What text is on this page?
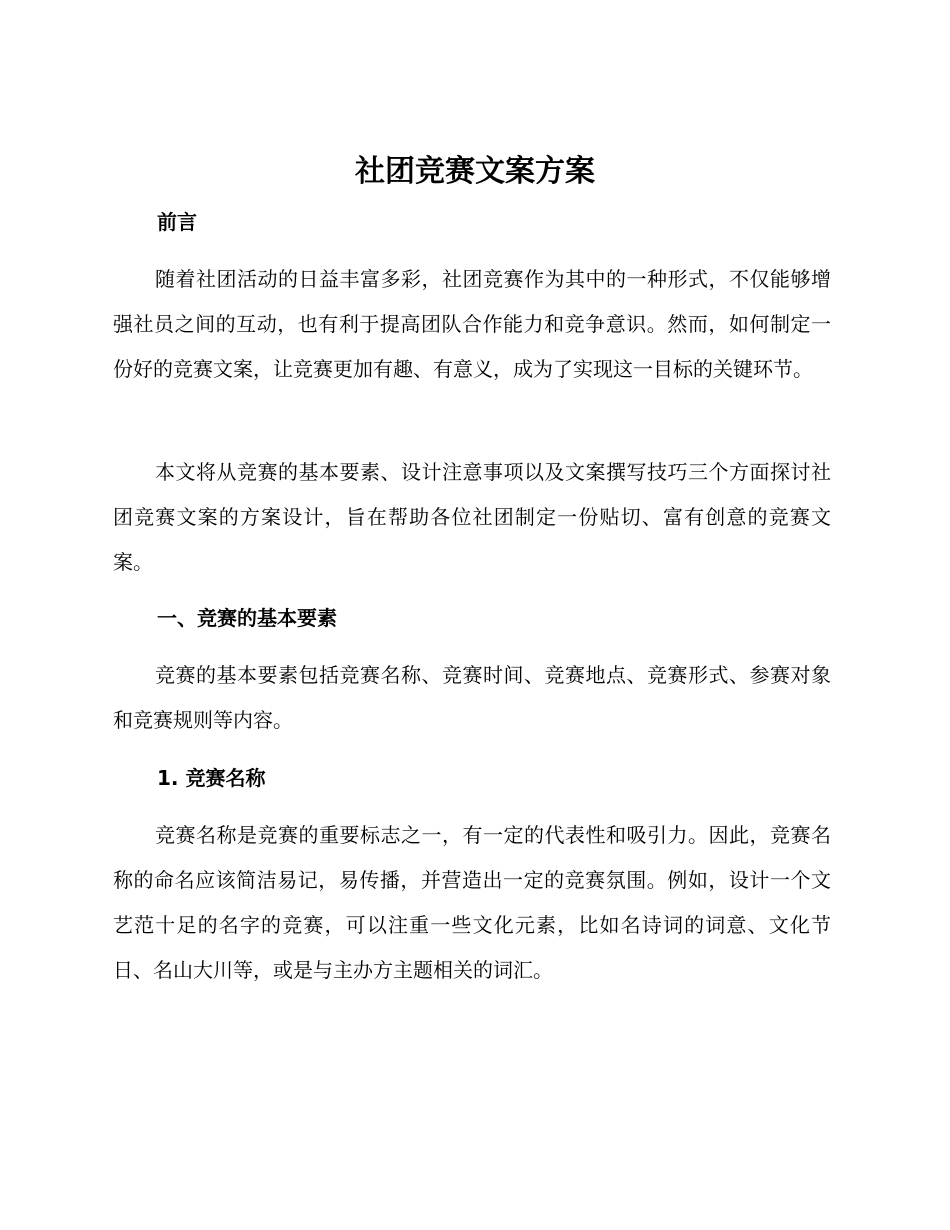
社团竞赛文案方案
前言

随着社团活动的日益丰富多彩，社团竞赛作为其中的一种形式，不仅能够增强社员之间的互动，也有利于提高团队合作能力和竞争意识。然而，如何制定一份好的竞赛文案，让竞赛更加有趣、有意义，成为了实现这一目标的关键环节。

本文将从竞赛的基本要素、设计注意事项以及文案撰写技巧三个方面探讨社团竞赛文案的方案设计，旨在帮助各位社团制定一份贴切、富有创意的竞赛文案。

一、竞赛的基本要素

竞赛的基本要素包括竞赛名称、竞赛时间、竞赛地点、竞赛形式、参赛对象和竞赛规则等内容。

1. 竞赛名称

竞赛名称是竞赛的重要标志之一，有一定的代表性和吸引力。因此，竞赛名称的命名应该简洁易记，易传播，并营造出一定的竞赛氛围。例如，设计一个文艺范十足的名字的竞赛，可以注重一些文化元素，比如名诗词的词意、文化节日、名山大川等，或是与主办方主题相关的词汇。
